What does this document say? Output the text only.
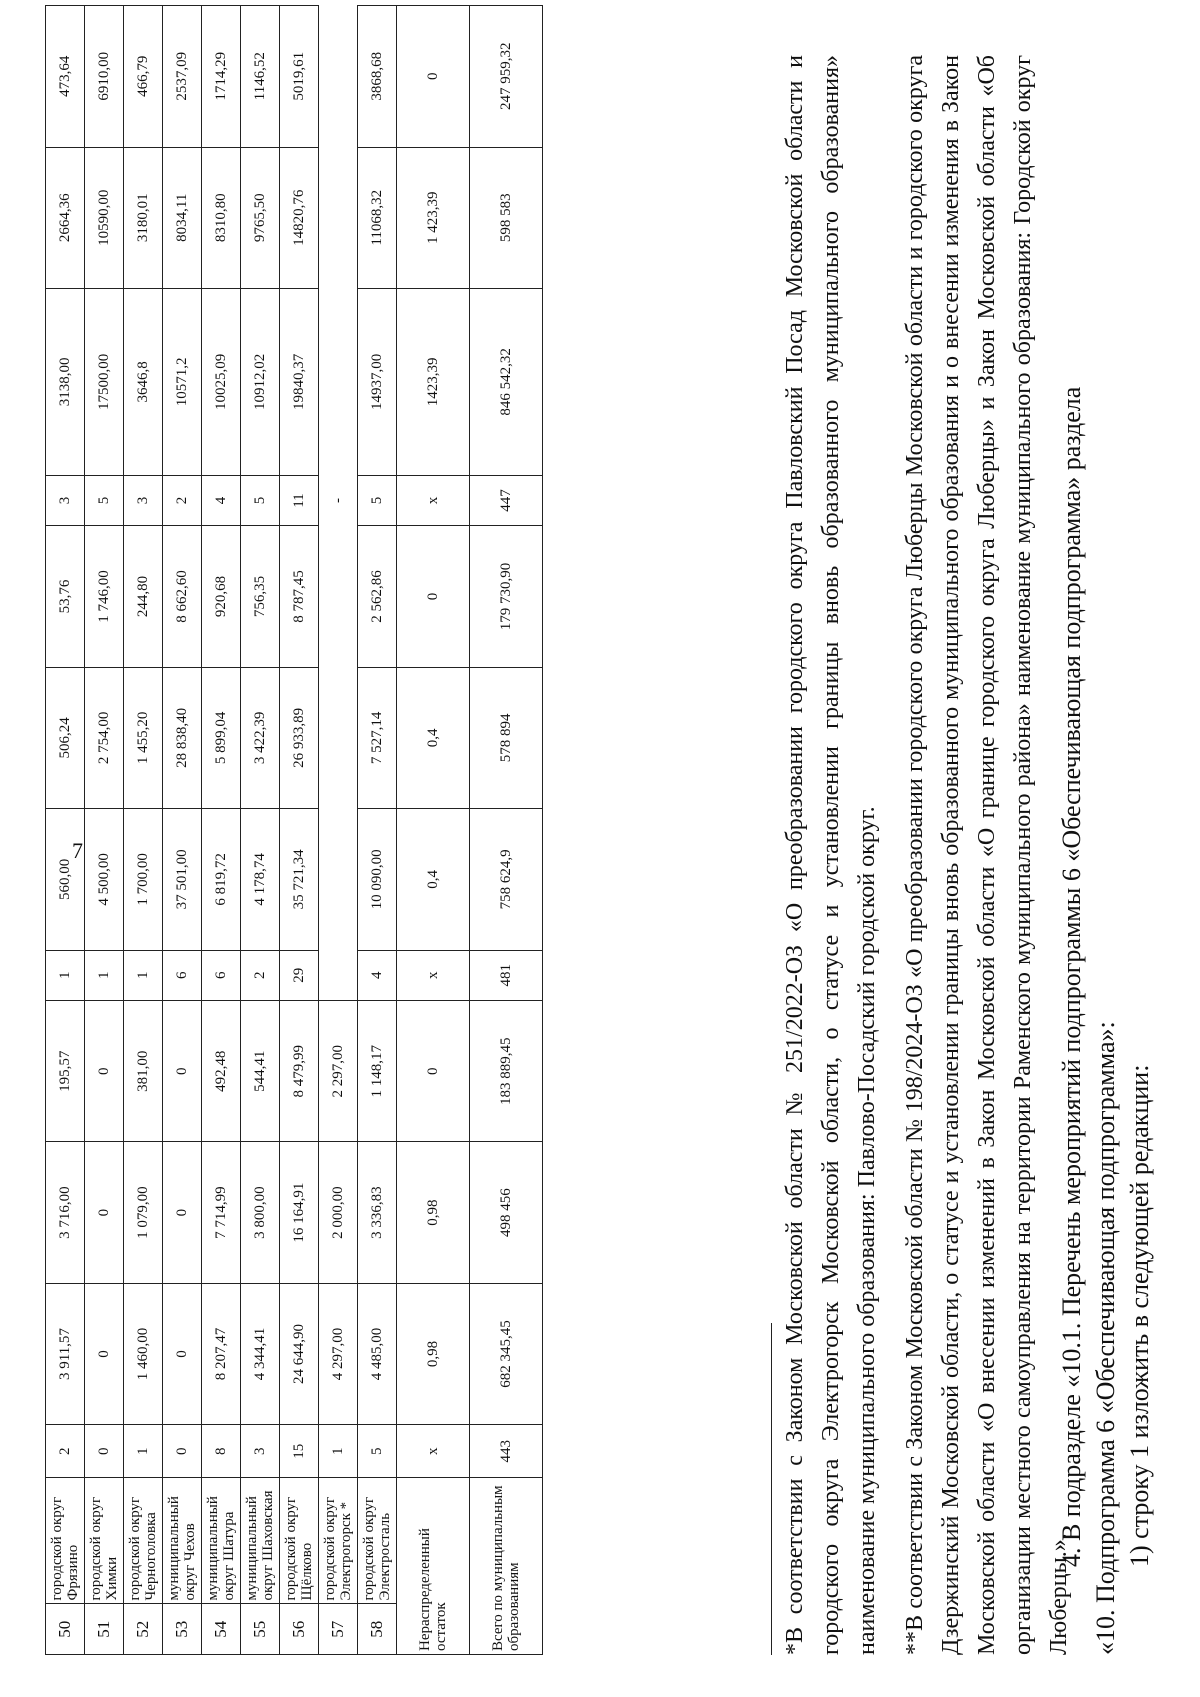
7
50	городской округ Фрязино	2	3 911,57	3 716,00	195,57	1	560,00	506,24	53,76	3	3138,00	2664,36	473,64
51	городской округ Химки	0	0	0	0	1	4 500,00	2 754,00	1 746,00	5	17500,00	10590,00	6910,00
52	городской округ Черноголовка	1	1 460,00	1 079,00	381,00	1	1 700,00	1 455,20	244,80	3	3646,8	3180,01	466,79
53	муниципальный округ Чехов	0	0	0	0	6	37 501,00	28 838,40	8 662,60	2	10571,2	8034,11	2537,09
54	муниципальный округ Шатура	8	8 207,47	7 714,99	492,48	6	6 819,72	5 899,04	920,68	4	10025,09	8310,80	1714,29
55	муниципальный округ Шаховская	3	4 344,41	3 800,00	544,41	2	4 178,74	3 422,39	756,35	5	10912,02	9765,50	1146,52
56	городской округ Щёлково	15	24 644,90	16 164,91	8 479,99	29	35 721,34	26 933,89	8 787,45	11	19840,37	14820,76	5019,61
57	городской округ Электрогорск *	1	4 297,00	2 000,00	2 297,00					-			
58	городской округ Электросталь	5	4 485,00	3 336,83	1 148,17	4	10 090,00	7 527,14	2 562,86	5	14937,00	11068,32	3868,68
Нераспределенный остаток		x	0,98	0,98	0	x	0,4	0,4	0	x	1423,39	1 423,39	0
Всего по муниципальным образованиям		443	682 345,45	498 456	183 889,45	481	758 624,9	578 894	179 730,90	447	846 542,32	598 583	247 959,32	*В соответствии с Законом Московской области № 251/2022-ОЗ «О преобразовании городского округа Павловский Посад Московской области и городского округа Электрогорск Московской области, о статусе и установлении границы вновь образованного муниципального образования» наименование муниципального образования: Павлово-Посадский городской округ. **В соответствии с Законом Московской области № 198/2024-ОЗ «О преобразовании городского округа Люберцы Московской области и городского округа Дзержинский Московской области, о статусе и установлении границы вновь образованного муниципального образования и о внесении изменения в Закон Московской области «О внесении изменений в Закон Московской области «О границе городского округа Люберцы» и Закон Московской области «Об организации местного самоуправления на территории Раменского муниципального района» наименование муниципального образования: Городской округ Люберцы.».
4. В подразделе «10.1. Перечень мероприятий подпрограммы 6 «Обеспечивающая подпрограмма» раздела «10. Подпрограмма 6 «Обеспечивающая подпрограмма»: 1) строку 1 изложить в следующей редакции:
